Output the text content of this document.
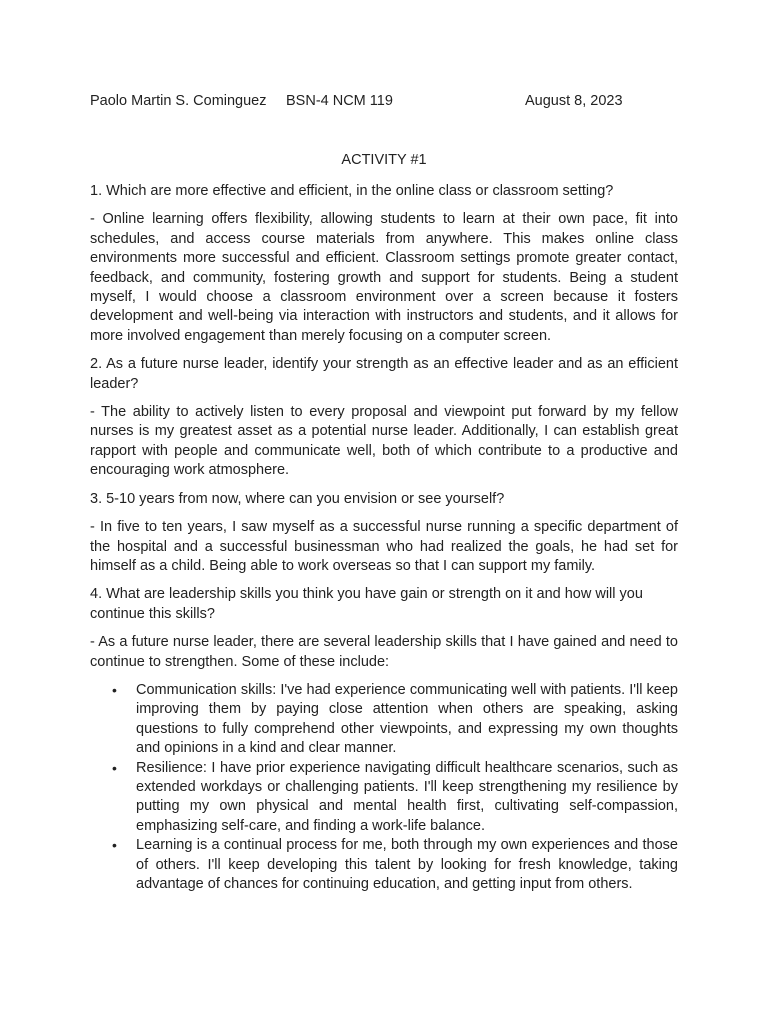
Paolo Martin S. Cominguez BSN-4 NCM 119	August 8, 2023
ACTIVITY #1

1. Which are more effective and efficient, in the online class or classroom setting?

- Online learning offers flexibility, allowing students to learn at their own pace, fit into schedules, and access course materials from anywhere. This makes online class environments more successful and efficient. Classroom settings promote greater contact, feedback, and community, fostering growth and support for students. Being a student myself, I would choose a classroom environment over a screen because it fosters development and well-being via interaction with instructors and students, and it allows for more involved engagement than merely focusing on a computer screen.

2. As a future nurse leader, identify your strength as an effective leader and as an efficient leader?

- The ability to actively listen to every proposal and viewpoint put forward by my fellow nurses is my greatest asset as a potential nurse leader. Additionally, I can establish great rapport with people and communicate well, both of which contribute to a productive and encouraging work atmosphere.

3. 5-10 years from now, where can you envision or see yourself?

- In five to ten years, I saw myself as a successful nurse running a specific department of the hospital and a successful businessman who had realized the goals, he had set for himself as a child. Being able to work overseas so that I can support my family.

4. What are leadership skills you think you have gain or strength on it and how will you continue this skills?

- As a future nurse leader, there are several leadership skills that I have gained and need to continue to strengthen. Some of these include:

• Communication skills: I've had experience communicating well with patients. I'll keep improving them by paying close attention when others are speaking, asking questions to fully comprehend other viewpoints, and expressing my own thoughts and opinions in a kind and clear manner.
• Resilience: I have prior experience navigating difficult healthcare scenarios, such as extended workdays or challenging patients. I'll keep strengthening my resilience by putting my own physical and mental health first, cultivating self-compassion, emphasizing self-care, and finding a work-life balance.
• Learning is a continual process for me, both through my own experiences and those of others. I'll keep developing this talent by looking for fresh knowledge, taking advantage of chances for continuing education, and getting input from others.
